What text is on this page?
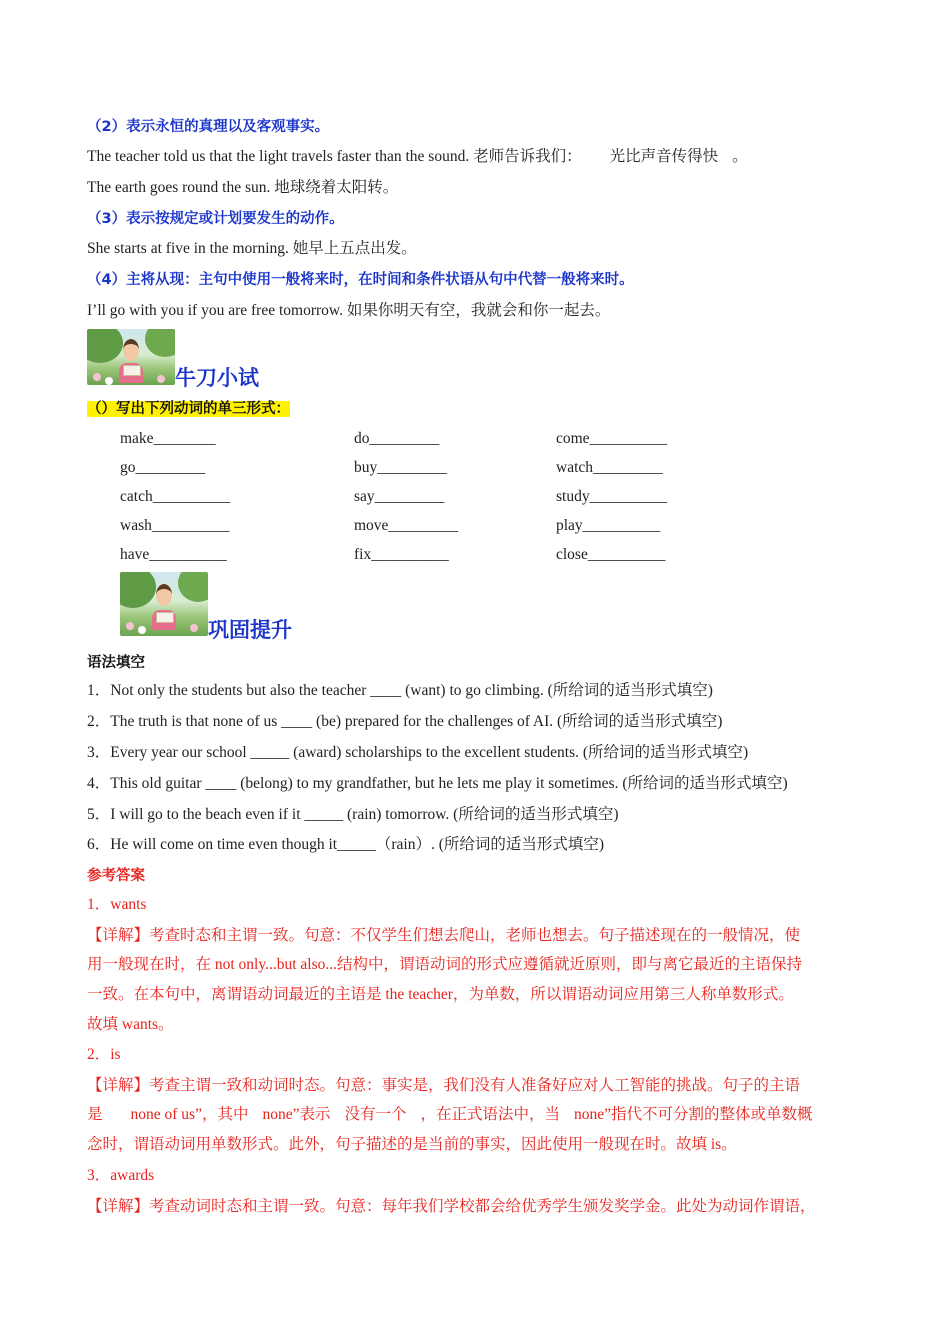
（2）表示永恒的真理以及客观事实。
The teacher told us that the light travels faster than the sound. 老师告诉我们： 光比声音传得快 。
The earth goes round the sun. 地球绕着太阳转。
（3）表示按规定或计划要发生的动作。
She starts at five in the morning. 她早上五点出发。
（4）主将从现：主句中使用一般将来时，在时间和条件状语从句中代替一般将来时。
I’ll go with you if you are free tomorrow. 如果你明天有空，我就会和你一起去。
牛刀小试
（）写出下列动词的单三形式：
make________	do_________	come__________
go_________	buy_________	watch_________
catch__________	say_________	study__________
wash__________	move_________	play__________
have__________	fix__________	close__________
巩固提升
语法填空
1．Not only the students but also the teacher ____ (want) to go climbing. (所给词的适当形式填空)
2．The truth is that none of us ____ (be) prepared for the challenges of AI. (所给词的适当形式填空)
3．Every year our school _____ (award) scholarships to the excellent students. (所给词的适当形式填空)
4．This old guitar ____ (belong) to my grandfather, but he lets me play it sometimes. (所给词的适当形式填空)
5．I will go to the beach even if it _____ (rain) tomorrow. (所给词的适当形式填空)
6．He will come on time even though it_____（rain）. (所给词的适当形式填空)
参考答案
1．wants
【详解】考查时态和主谓一致。句意：不仅学生们想去爬山，老师也想去。句子描述现在的一般情况，使
用一般现在时，在 not only...but also...结构中，谓语动词的形式应遵循就近原则，即与离它最近的主语保持
一致。在本句中，离谓语动词最近的主语是 the teacher，为单数，所以谓语动词应用第三人称单数形式。
故填 wants。
2．is
【详解】考查主谓一致和动词时态。句意：事实是，我们没有人准备好应对人工智能的挑战。句子的主语
是 none of us”，其中 none”表示 没有一个 ，在正式语法中，当 none”指代不可分割的整体或单数概
念时，谓语动词用单数形式。此外，句子描述的是当前的事实，因此使用一般现在时。故填 is。
3．awards
【详解】考查动词时态和主谓一致。句意：每年我们学校都会给优秀学生颁发奖学金。此处为动词作谓语，
